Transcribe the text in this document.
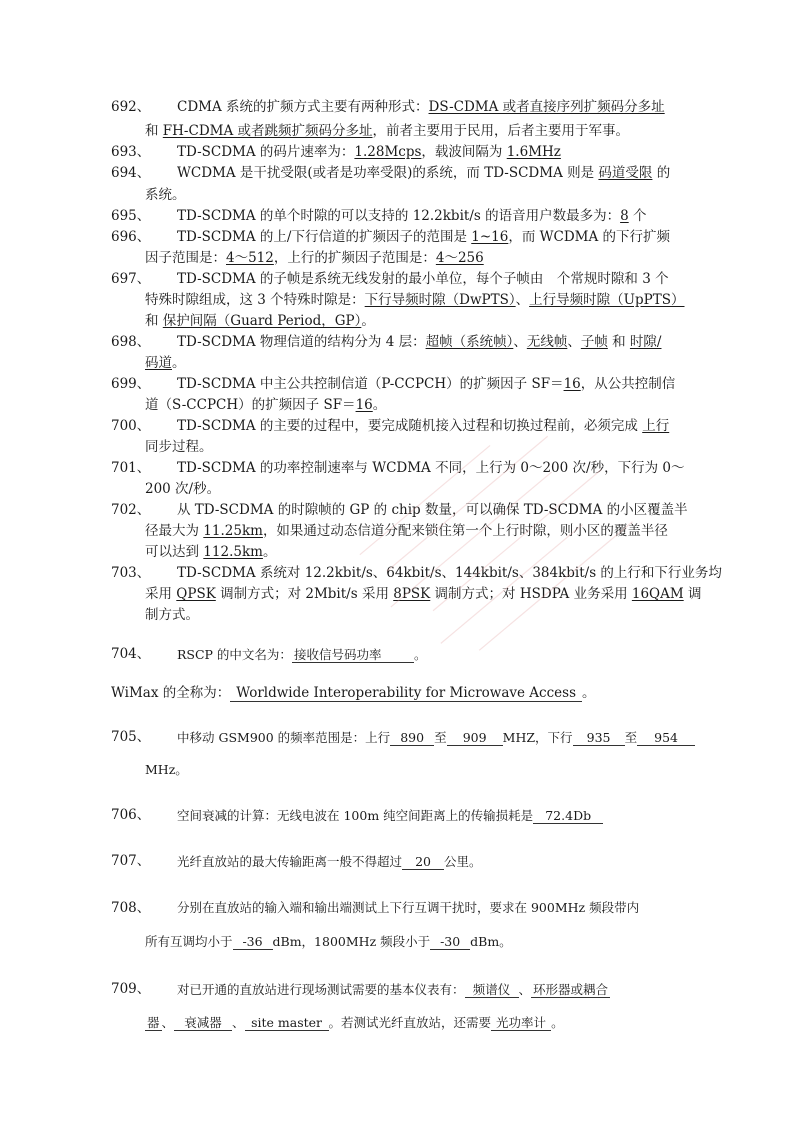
692、 CDMA 系统的扩频方式主要有两种形式：DS-CDMA 或者直接序列扩频码分多址
和 FH-CDMA 或者跳频扩频码分多址，前者主要用于民用，后者主要用于军事。
693、 TD-SCDMA 的码片速率为：1.28Mcps，载波间隔为 1.6MHz
694、 WCDMA 是干扰受限(或者是功率受限)的系统，而 TD-SCDMA 则是 码道受限 的
系统。
695、 TD-SCDMA 的单个时隙的可以支持的 12.2kbit/s 的语音用户数最多为：8 个
696、 TD-SCDMA 的上/下行信道的扩频因子的范围是 1~16，而 WCDMA 的下行扩频
因子范围是：4～512，上行的扩频因子范围是：4～256
697、 TD-SCDMA 的子帧是系统无线发射的最小单位，每个子帧由　个常规时隙和 3 个
特殊时隙组成，这 3 个特殊时隙是：下行导频时隙（DwPTS）、上行导频时隙（UpPTS）
和 保护间隔（Guard Period，GP）。
698、 TD-SCDMA 物理信道的结构分为 4 层：超帧（系统帧）、无线帧、子帧 和 时隙/
码道。
699、 TD-SCDMA 中主公共控制信道（P-CCPCH）的扩频因子 SF＝16，从公共控制信
道（S-CCPCH）的扩频因子 SF＝16。
700、 TD-SCDMA 的主要的过程中，要完成随机接入过程和切换过程前，必须完成 上行
同步过程。
701、 TD-SCDMA 的功率控制速率与 WCDMA 不同，上行为 0～200 次/秒，下行为 0～
200 次/秒。
702、 从 TD-SCDMA 的时隙帧的 GP 的 chip 数量，可以确保 TD-SCDMA 的小区覆盖半
径最大为 11.25km，如果通过动态信道分配来锁住第一个上行时隙，则小区的覆盖半径
可以达到 112.5km。
703、 TD-SCDMA 系统对 12.2kbit/s、64kbit/s、144kbit/s、384kbit/s 的上行和下行业务均
采用 QPSK 调制方式；对 2Mbit/s 采用 8PSK 调制方式；对 HSDPA 业务采用 16QAM 调
制方式。
704、 RSCP 的中文名为： 接收信号码功率	。
WiMax 的全称为： Worldwide Interoperability for Microwave Access 。
705、 中移动 GSM900 的频率范围是：上行 890 至 909 MHZ，下行 935 至 954
MHz。
706、 空间衰减的计算：无线电波在 100m 纯空间距离上的传输损耗是 72.4Db
707、 光纤直放站的最大传输距离一般不得超过 20 公里。
708、 分别在直放站的输入端和输出端测试上下行互调干扰时，要求在 900MHz 频段带内
所有互调均小于 -36 dBm，1800MHz 频段小于 -30 dBm。
709、 对已开通的直放站进行现场测试需要的基本仪表有： 频谱仪 、 环形器或耦合
器 、 衰减器 、 site master 。若测试光纤直放站，还需要 光功率计 。
